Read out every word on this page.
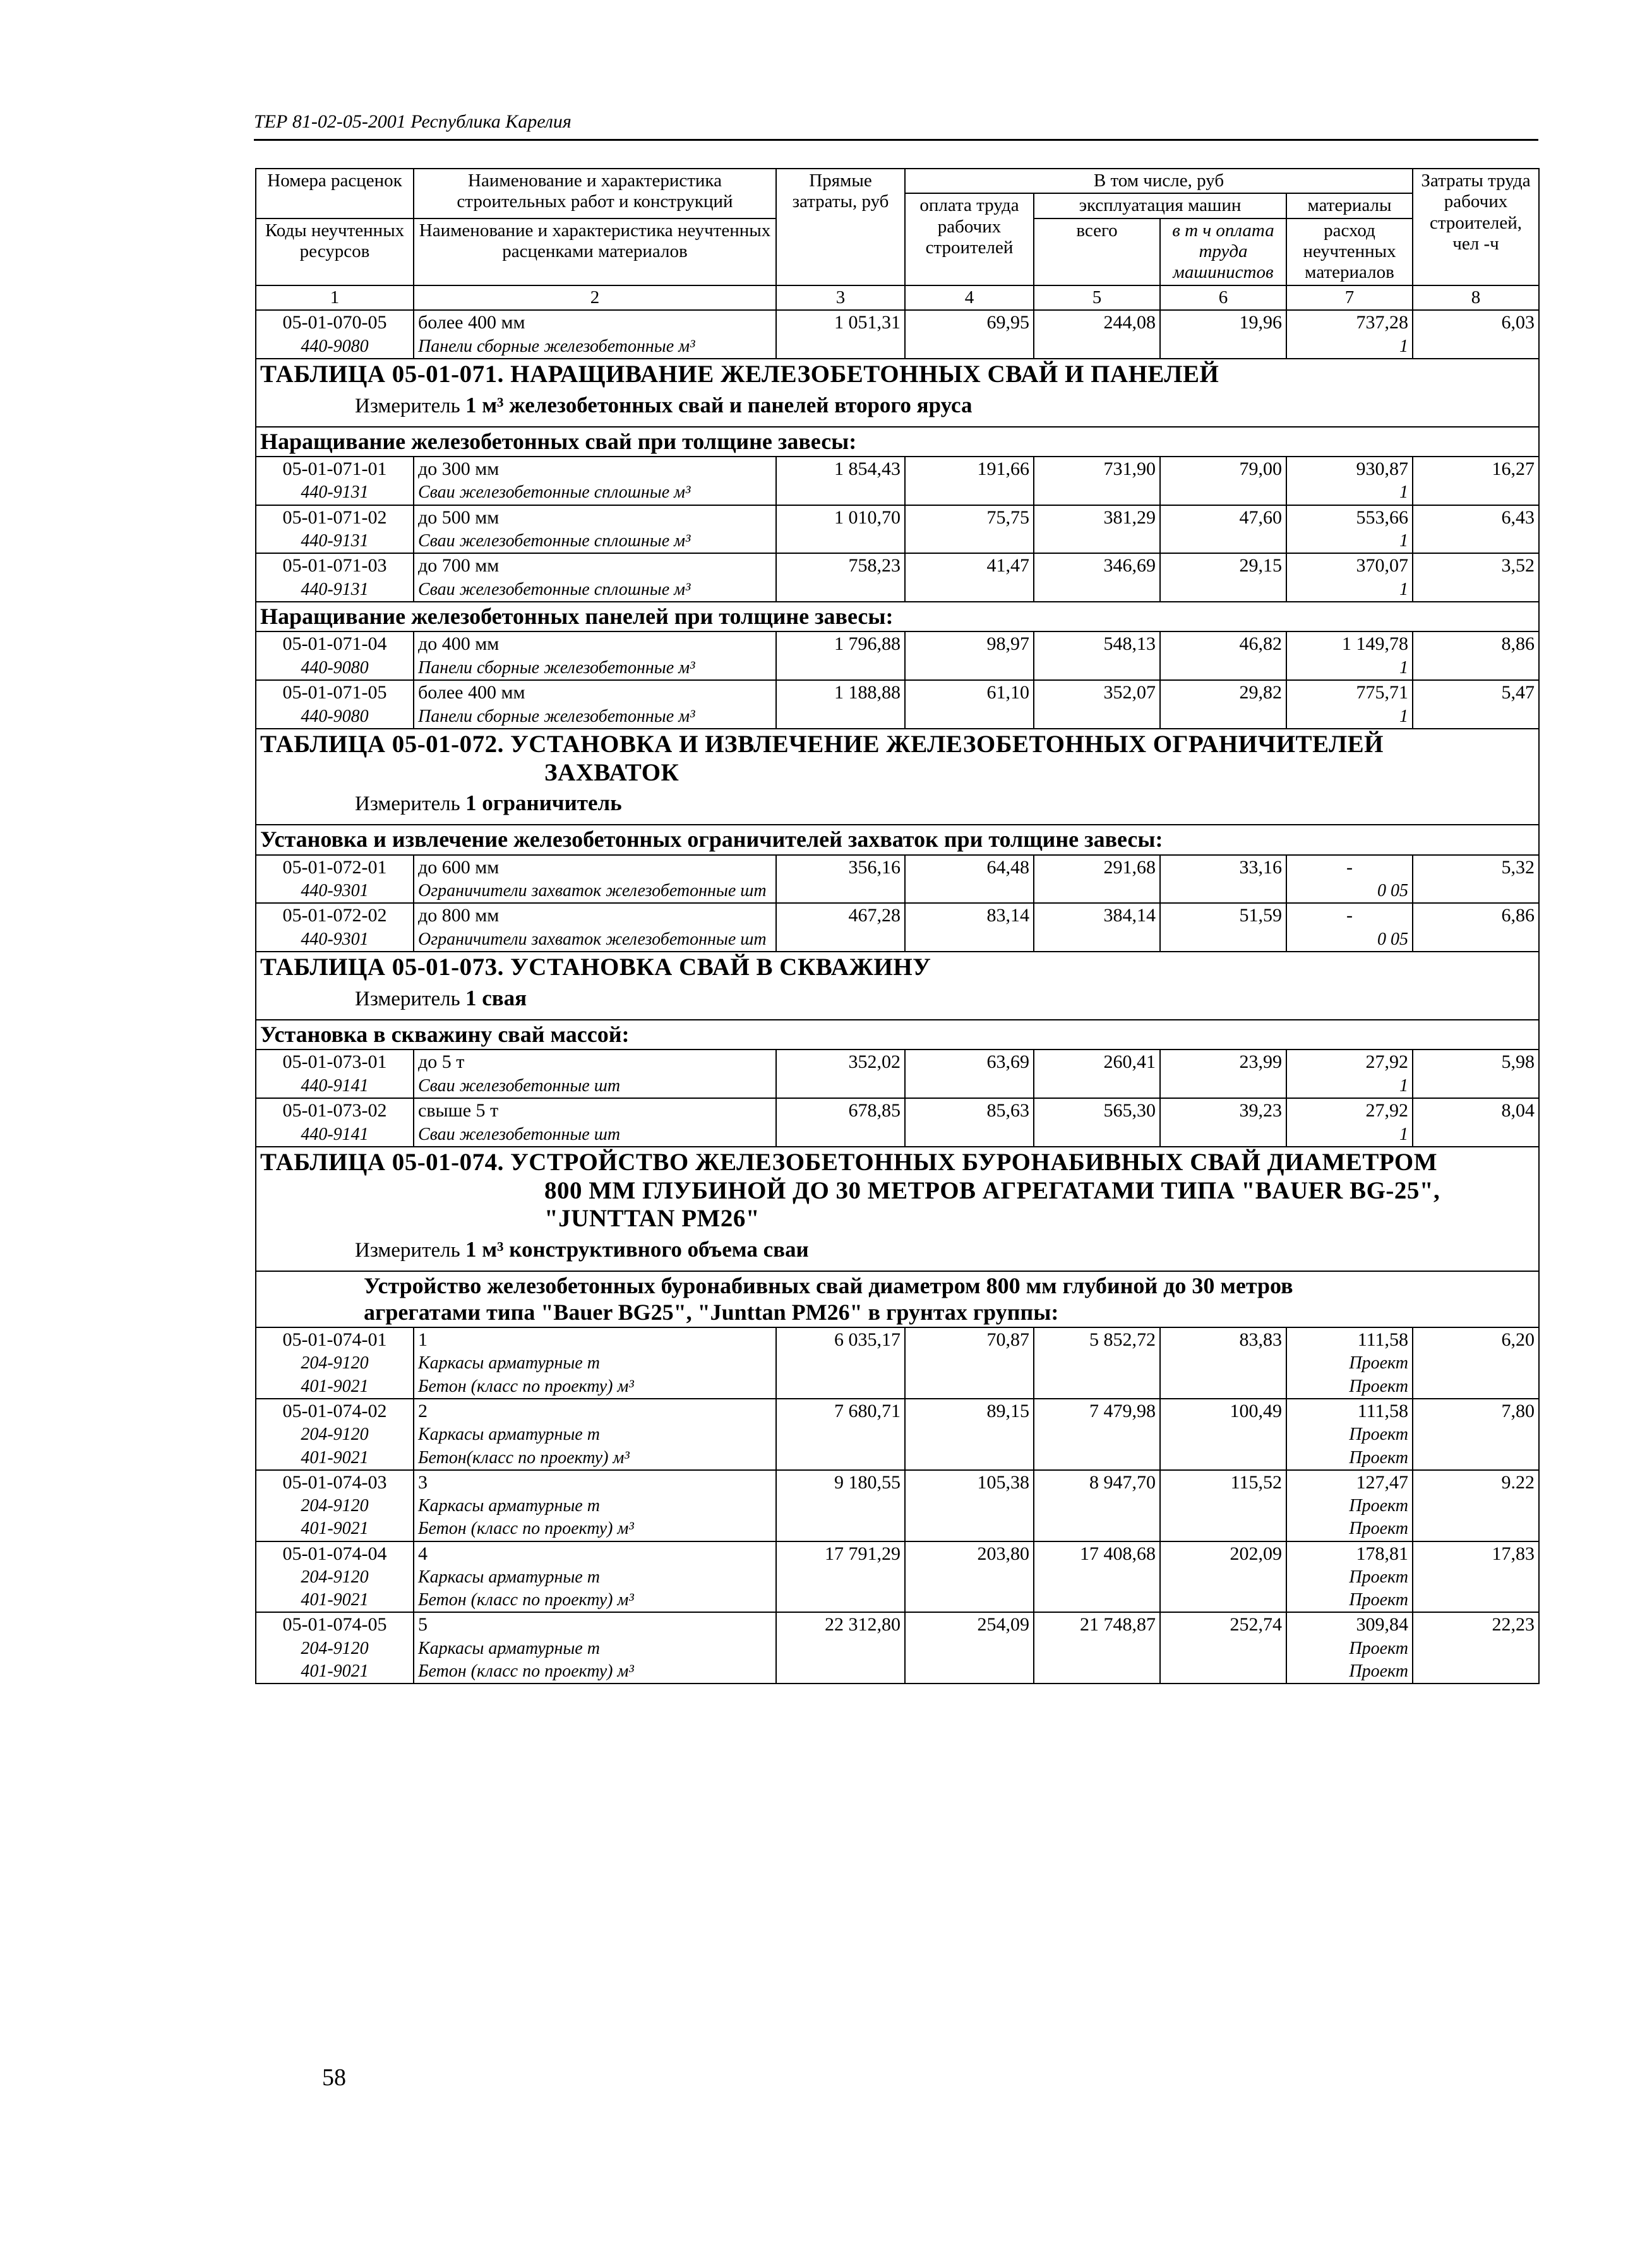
ТЕР 81-02-05-2001 Республика Карелия
Номера расценок	Наименование и характеристика строительных работ и конструкций	Прямые затраты, руб	В том числе, руб				Затраты труда рабочих строителей, чел -ч
			оплата труда рабочих строителей	эксплуатация машин		материалы	
Коды неучтенных ресурсов	Наименование и характеристика неучтенных расценками материалов			всего	в т ч оплата труда машинистов	расход неучтенных материалов	
1	2	3	4	5	6	7	8
05-01-070-05	более 400 мм	1 051,31	69,95	244,08	19,96	737,28	6,03
440-9080	Панели сборные железобетонные м³					1	

ТАБЛИЦА 05-01-071. НАРАЩИВАНИЕ ЖЕЛЕЗОБЕТОННЫХ СВАЙ И ПАНЕЛЕЙ
Измеритель 1 м³ железобетонных свай и панелей второго яруса							

Наращивание железобетонных свай при толщине завесы:							
05-01-071-01	до 300 мм	1 854,43	191,66	731,90	79,00	930,87	16,27
440-9131	Сваи железобетонные сплошные м³					1	
05-01-071-02	до 500 мм	1 010,70	75,75	381,29	47,60	553,66	6,43
440-9131	Сваи железобетонные сплошные м³					1	
05-01-071-03	до 700 мм	758,23	41,47	346,69	29,15	370,07	3,52
440-9131	Сваи железобетонные сплошные м³					1	
Наращивание железобетонных панелей при толщине завесы:							
05-01-071-04	до 400 мм	1 796,88	98,97	548,13	46,82	1 149,78	8,86
440-9080	Панели сборные железобетонные м³					1	
05-01-071-05	более 400 мм	1 188,88	61,10	352,07	29,82	775,71	5,47
440-9080	Панели сборные железобетонные м³					1	

ТАБЛИЦА 05-01-072. УСТАНОВКА И ИЗВЛЕЧЕНИЕ ЖЕЛЕЗОБЕТОННЫХ ОГРАНИЧИТЕЛЕЙ
ЗАХВАТОК
Измеритель 1 ограничитель							

Установка и извлечение железобетонных ограничителей захваток при толщине завесы:							
05-01-072-01	до 600 мм	356,16	64,48	291,68	33,16	-	5,32
440-9301	Ограничители захваток железобетонные шт					0 05	
05-01-072-02	до 800 мм	467,28	83,14	384,14	51,59	-	6,86
440-9301	Ограничители захваток железобетонные шт					0 05	

ТАБЛИЦА 05-01-073. УСТАНОВКА СВАЙ В СКВАЖИНУ
Измеритель 1 свая							

Установка в скважину свай массой:							
05-01-073-01	до 5 т	352,02	63,69	260,41	23,99	27,92	5,98
440-9141	Сваи железобетонные шт					1	
05-01-073-02	свыше 5 т	678,85	85,63	565,30	39,23	27,92	8,04
440-9141	Сваи железобетонные шт					1	

ТАБЛИЦА 05-01-074. УСТРОЙСТВО ЖЕЛЕЗОБЕТОННЫХ БУРОНАБИВНЫХ СВАЙ ДИАМЕТРОМ
800 ММ ГЛУБИНОЙ ДО 30 МЕТРОВ АГРЕГАТАМИ ТИПА "BAUER BG-25",
"JUNTTAN PM26"
Измеритель 1 м³ конструктивного объема сваи							

Устройство железобетонных буронабивных свай диаметром 800 мм глубиной до 30 метров
агрегатами типа "Bauer BG25", "Junttan PM26" в грунтах группы:							

05-01-074-01	1	6 035,17	70,87	5 852,72	83,83	111,58	6,20
204-9120	Каркасы арматурные т					Проект	
401-9021	Бетон (класс по проекту) м³					Проект	
05-01-074-02	2	7 680,71	89,15	7 479,98	100,49	111,58	7,80
204-9120	Каркасы арматурные т					Проект	
401-9021	Бетон(класс по проекту) м³					Проект	
05-01-074-03	3	9 180,55	105,38	8 947,70	115,52	127,47	9.22
204-9120	Каркасы арматурные т					Проект	
401-9021	Бетон (класс по проекту) м³					Проект	
05-01-074-04	4	17 791,29	203,80	17 408,68	202,09	178,81	17,83
204-9120	Каркасы арматурные т					Проект	
401-9021	Бетон (класс по проекту) м³					Проект	
05-01-074-05	5	22 312,80	254,09	21 748,87	252,74	309,84	22,23
204-9120	Каркасы арматурные т					Проект	
401-9021	Бетон (класс по проекту) м³					Проект	
58
